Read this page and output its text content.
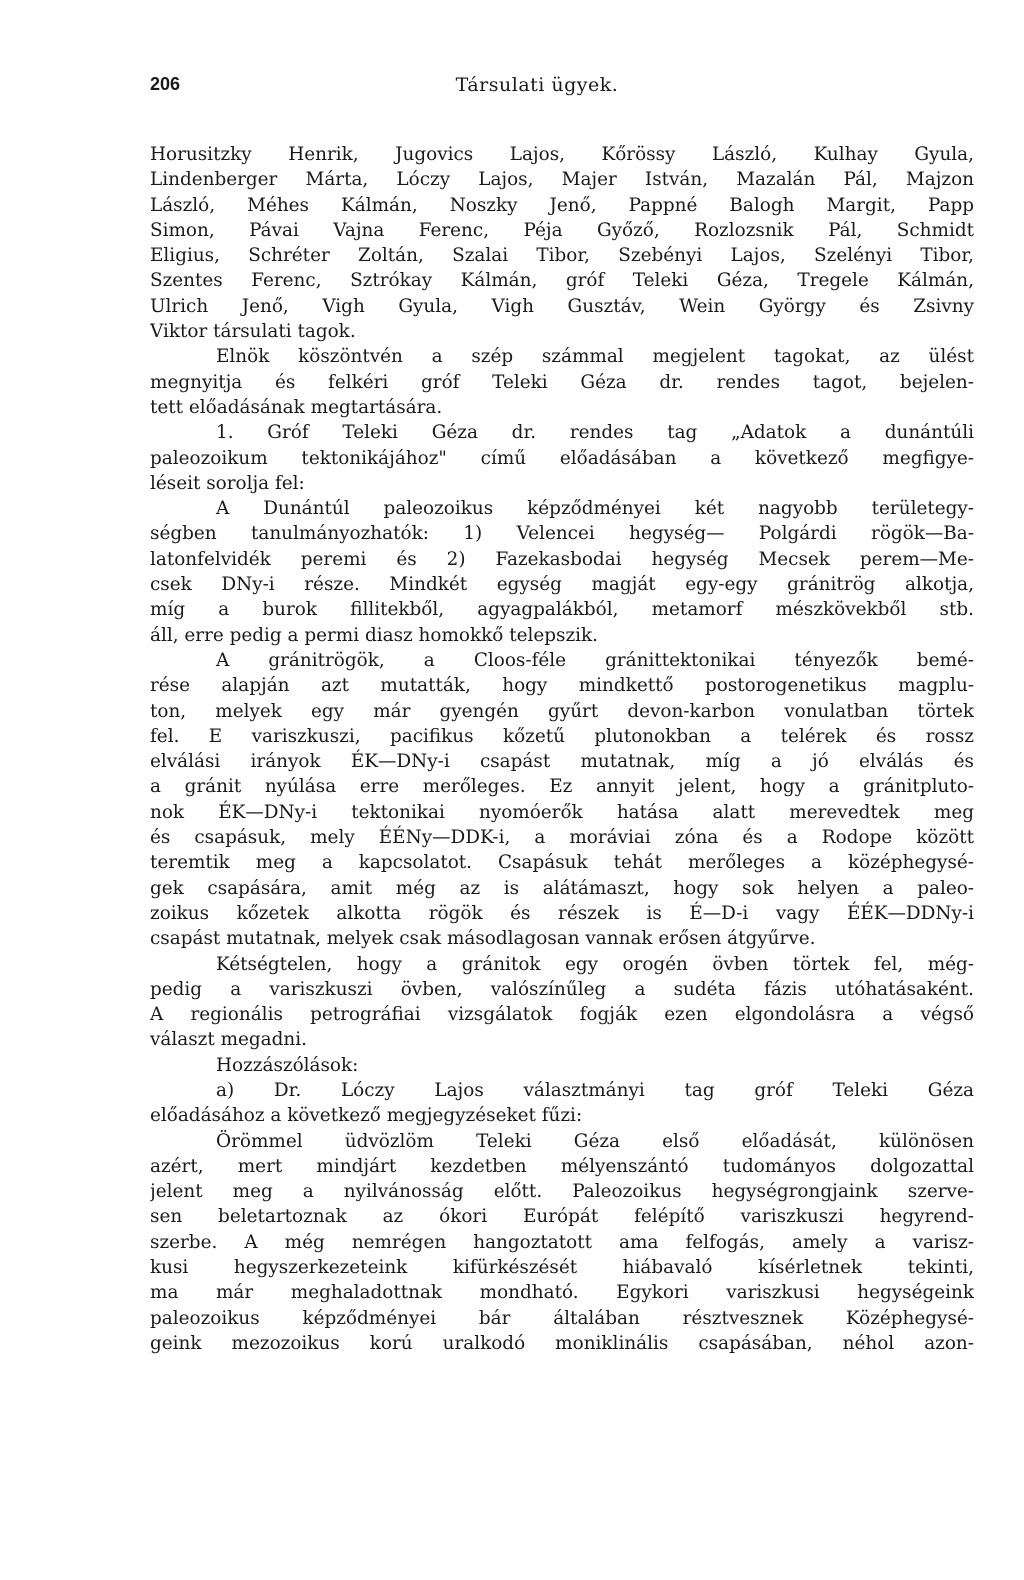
206	Társulati ügyek.
Horusitzky Henrik, Jugovics Lajos, Kőrössy László, Kulhay Gyula,
Lindenberger Márta, Lóczy Lajos, Majer István, Mazalán Pál, Majzon
László, Méhes Kálmán, Noszky Jenő, Pappné Balogh Margit, Papp
Simon, Pávai Vajna Ferenc, Péja Győző, Rozlozsnik Pál, Schmidt
Eligius, Schréter Zoltán, Szalai Tibor, Szebényi Lajos, Szelényi Tibor,
Szentes Ferenc, Sztrókay Kálmán, gróf Teleki Géza, Tregele Kálmán,
Ulrich Jenő, Vigh Gyula, Vigh Gusztáv, Wein György és Zsivny
Viktor társulati tagok.
Elnök köszöntvén a szép számmal megjelent tagokat, az ülést
megnyitja és felkéri gróf Teleki Géza dr. rendes tagot, bejelen-
tett előadásának megtartására.
1. Gróf Teleki Géza dr. rendes tag „Adatok a dunántúli
paleozoikum tektonikájához" című előadásában a következő megfigye-
léseit sorolja fel:
A Dunántúl paleozoikus képződményei két nagyobb területegy-
ségben tanulmányozhatók: 1) Velencei hegység— Polgárdi rögök—Ba-
latonfelvidék peremi és 2) Fazekasbodai hegység Mecsek perem—Me-
csek DNy-i része. Mindkét egység magját egy-egy gránitrög alkotja,
míg a burok fillitekből, agyagpalákból, metamorf mészkövekből stb.
áll, erre pedig a permi diasz homokkő telepszik.
A gránitrögök, a Cloos-féle gránittektonikai tényezők bemé-
rése alapján azt mutatták, hogy mindkettő postorogenetikus magplu-
ton, melyek egy már gyengén gyűrt devon-karbon vonulatban törtek
fel. E variszkuszi, pacifikus kőzetű plutonokban a telérek és rossz
elválási irányok ÉK—DNy-i csapást mutatnak, míg a jó elválás és
a gránit nyúlása erre merőleges. Ez annyit jelent, hogy a gránitpluto-
nok ÉK—DNy-i tektonikai nyomóerők hatása alatt merevedtek meg
és csapásuk, mely ÉÉNy—DDK-i, a moráviai zóna és a Rodope között
teremtik meg a kapcsolatot. Csapásuk tehát merőleges a középhegysé-
gek csapására, amit még az is alátámaszt, hogy sok helyen a paleo-
zoikus kőzetek alkotta rögök és részek is É—D-i vagy ÉÉK—DDNy-i
csapást mutatnak, melyek csak másodlagosan vannak erősen átgyűrve.
Kétségtelen, hogy a gránitok egy orogén övben törtek fel, még-
pedig a variszkuszi övben, valószínűleg a sudéta fázis utóhatásaként.
A regionális petrográfiai vizsgálatok fogják ezen elgondolásra a végső
választ megadni.
Hozzászólások:
a) Dr. Lóczy Lajos választmányi tag gróf Teleki Géza
előadásához a következő megjegyzéseket fűzi:
Örömmel üdvözlöm Teleki Géza első előadását, különösen
azért, mert mindjárt kezdetben mélyenszántó tudományos dolgozattal
jelent meg a nyilvánosság előtt. Paleozoikus hegységrongjaink szerve-
sen beletartoznak az ókori Európát felépítő variszkuszi hegyrend-
szerbe. A még nemrégen hangoztatott ama felfogás, amely a varisz-
kusi hegyszerkezeteink kifürkészését hiábavaló kísérletnek tekinti,
ma már meghaladottnak mondható. Egykori variszkusi hegységeink
paleozoikus képződményei bár általában résztvesznek Középhegysé-
geink mezozoikus korú uralkodó moniklinális csapásában, néhol azon-
